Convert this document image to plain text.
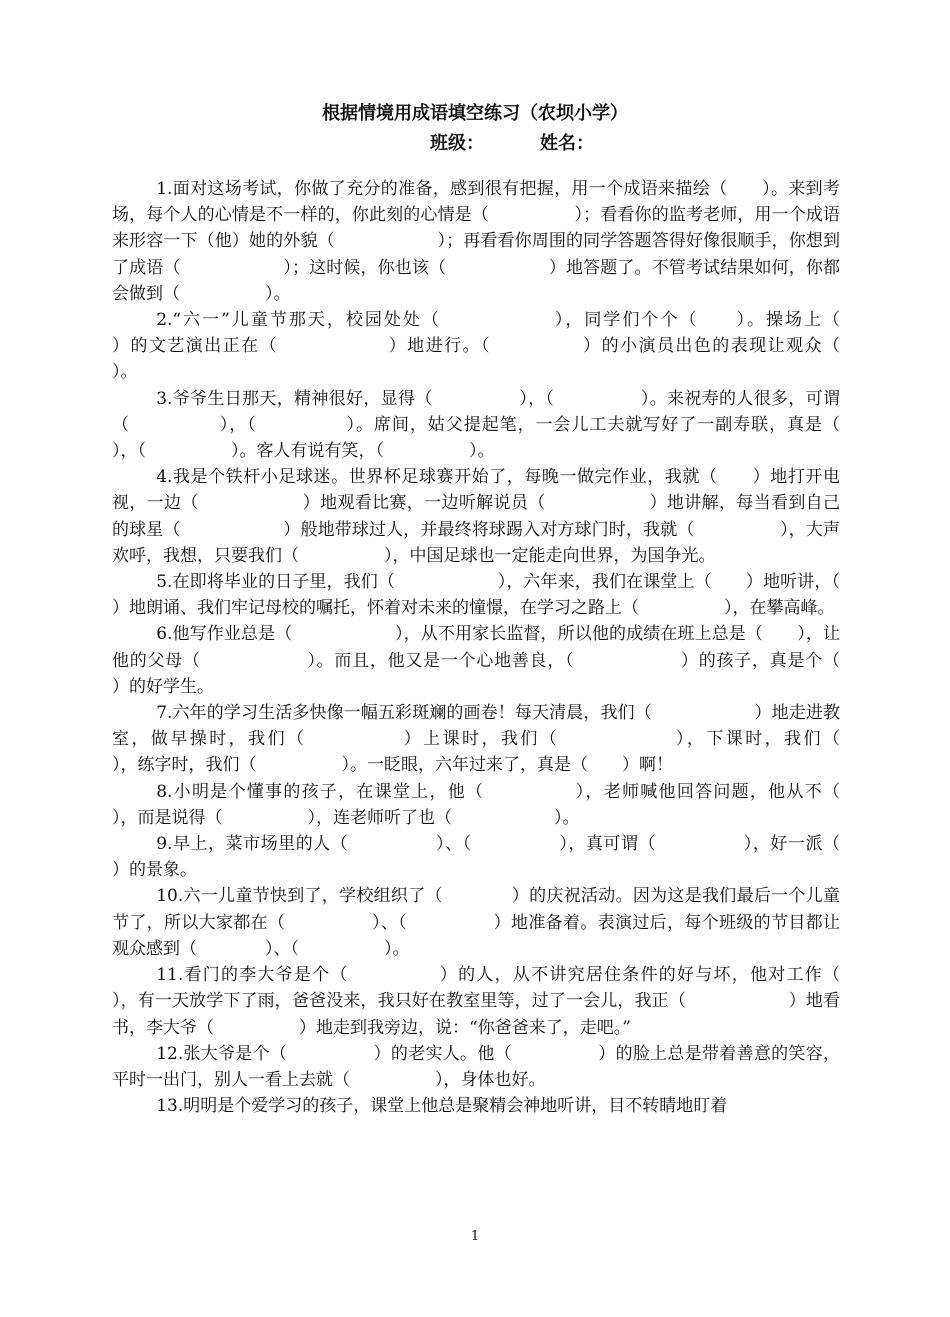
根据情境用成语填空练习（农坝小学）
班级：	姓名：

1.面对这场考试，你做了充分的准备，感到很有把握，用一个成语来描绘（　　）。来到考场，每个人的心情是不一样的，你此刻的心情是（　　　　　）；看看你的监考老师，用一个成语来形容一下（他）她的外貌（　　　　　　）；再看看你周围的同学答题答得好像很顺手，你想到了成语（　　　　　　）；这时候，你也该（　　　　　　）地答题了。不管考试结果如何，你都会做到（　　　　　）。

2.“六一”儿童节那天，校园处处（　　　　　　），同学们个个（　　）。操场上（　　　　　）的文艺演出正在（　　　　　　）地进行。（　　　　　）的小演员出色的表现让观众（　　　　　）。

3.爷爷生日那天，精神很好，显得（　　　　　），（　　　　　）。来祝寿的人很多，可谓（　　　　　），（　　　　　）。席间，姑父提起笔，一会儿工夫就写好了一副寿联，真是（　　　　　），（　　　　　）。客人有说有笑，（　　　　　）。

4.我是个铁杆小足球迷。世界杯足球赛开始了，每晚一做完作业，我就（　　）地打开电视，一边（　　　　　　）地观看比赛，一边听解说员（　　　　　　）地讲解，每当看到自己的球星（　　　　　　）般地带球过人，并最终将球踢入对方球门时，我就（　　　　　），大声欢呼，我想，只要我们（　　　　　），中国足球也一定能走向世界，为国争光。

5.在即将毕业的日子里，我们（　　　　　　），六年来，我们在课堂上（　　）地听讲，（　　　　　　）地朗诵、我们牢记母校的嘱托，怀着对未来的憧憬，在学习之路上（　　　　　），在攀高峰。

6.他写作业总是（　　　　　　），从不用家长监督，所以他的成绩在班上总是（　　），让他的父母（　　　　　　）。而且，他又是一个心地善良，（　　　　　　）的孩子，真是个（　　　　　　）的好学生。

7.六年的学习生活多快像一幅五彩斑斓的画卷！每天清晨，我们（　　　　　　）地走进教室，做早操时，我们（　　　　　）上课时，我们（　　　　　　），下课时，我们（　　　　　），练字时，我们（　　　　　）。一眨眼，六年过来了，真是（　　）啊！

8.小明是个懂事的孩子，在课堂上，他（　　　　　），老师喊他回答问题，他从不（　　　　　），而是说得（　　　　　），连老师听了也（　　　　　　）。

9.早上，菜市场里的人（　　　　　）、（　　　　　），真可谓（　　　　　），好一派（　　　　）的景象。

10.六一儿童节快到了，学校组织了（　　　　）的庆祝活动。因为这是我们最后一个儿童节了，所以大家都在（　　　　　）、（　　　　　）地准备着。表演过后，每个班级的节目都让观众感到（　　　　）、（　　　　　）。

11.看门的李大爷是个（　　　　　）的人，从不讲究居住条件的好与坏，他对工作（　　　　　），有一天放学下了雨，爸爸没来，我只好在教室里等，过了一会儿，我正（　　　　　　）地看书，李大爷（　　　　　）地走到我旁边，说：“你爸爸来了，走吧。”

12.张大爷是个（　　　　　）的老实人。他（　　　　　）的脸上总是带着善意的笑容，平时一出门，别人一看上去就（　　　　　），身体也好。

13.明明是个爱学习的孩子，课堂上他总是聚精会神地听讲，目不转睛地盯着

1
